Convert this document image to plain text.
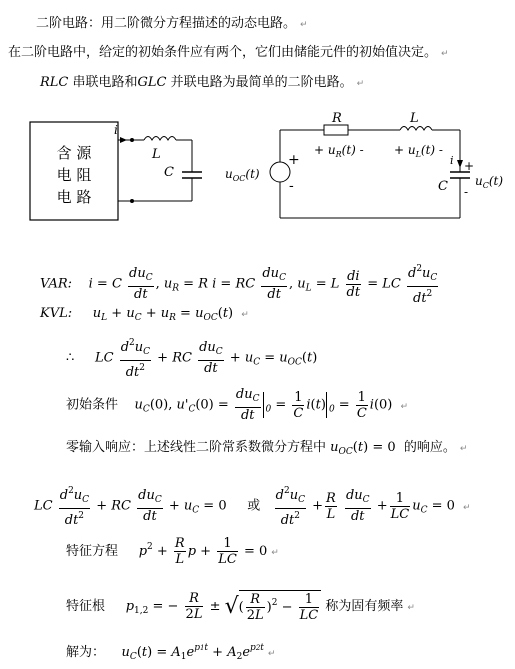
二阶电路：用二阶微分方程描述的动态电路。 ↵
在二阶电路中，给定的初始条件应有两个，它们由储能元件的初始值决定。 ↵
RLC 串联电路和GLC 并联电路为最简单的二阶电路。 ↵
含 源
电 阻
电 路
i
L
C
R	L
+ $u_R(t)$ -	+ $u_L(t)$ -
$u_{OC}(t)$
+
-
i
C
+
-
$u_C(t)$
VAR: i = C $\frac{du_C}{dt}$ , $u_R = R$ i = RC $\frac{du_C}{dt}$ , $u_L = L \frac{di}{dt}$ = LC $\frac{d^2u_C}{dt^2}$
KVL: $u_L + u_C + u_R = u_{OC}(t)$ ↵
∴ LC $\frac{d^2u_C}{dt^2}$ + RC $\frac{du_C}{dt} + u_C = u_{OC}(t)$
初始条件 $u_C(0)$, $u'_C(0) = \frac{du_C}{dt} _0 = \frac{1}{C} i(t) _0 = \frac{1}{C} i(0)$ ↵
零输入响应：上述线性二阶常系数微分方程中 $u_{OC}(t) = 0$  的响应。 ↵
LC $\frac{d^2u_C}{dt^2}$ + RC $\frac{du_C}{dt} + u_C = 0$     或 $\frac{d^2u_C}{dt^2} + \frac{R}{L}$
$\frac{du_C}{dt} + \frac{1}{LC} u_C = 0$ ↵
特征方程 $p^2 + \frac{R}{L}$ $p + \frac{1}{LC} = 0$ ↵
特征根 $p_{1,2}$ = − $\frac{R}{2L}$ ± √( $\frac{R}{2L} )^2 - \frac{1}{LC}$ 称为固有频率 ↵
解为： $u_C(t) = A_1e^{p1t}$ + $A_2e^{p2t}↵$
